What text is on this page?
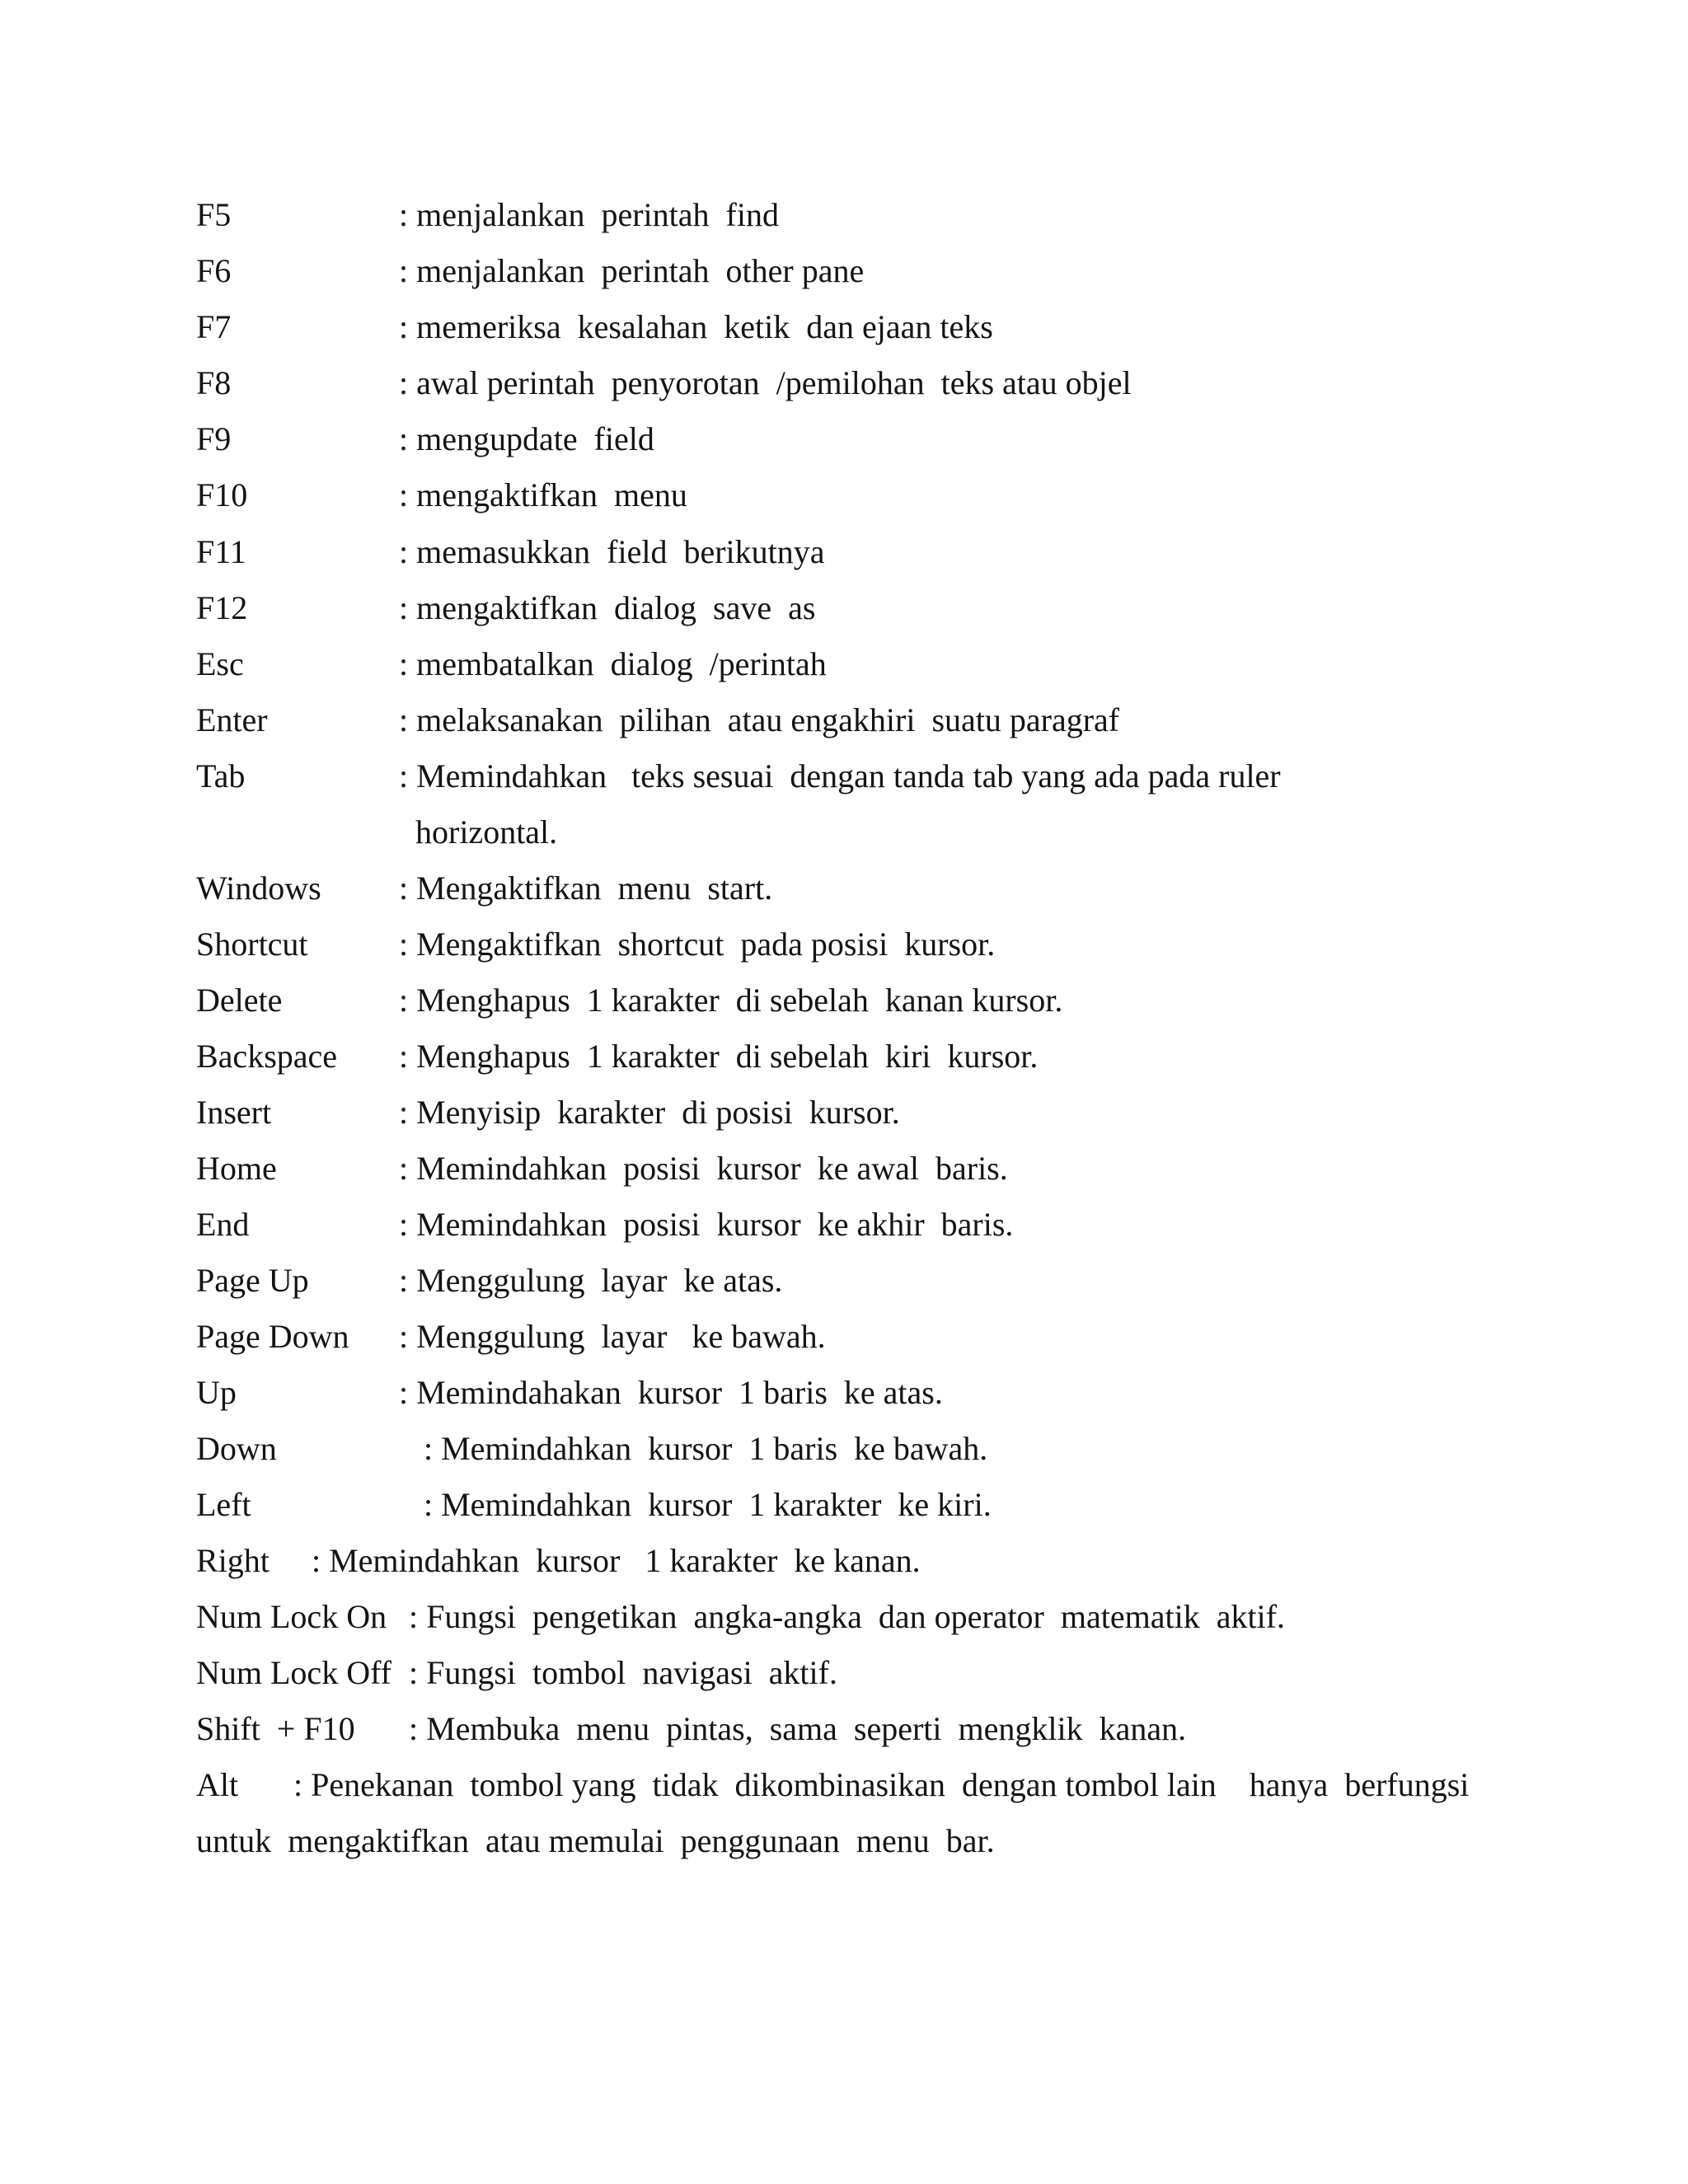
F5	: menjalankan  perintah  find
F6	: menjalankan  perintah  other pane
F7	: memeriksa  kesalahan  ketik  dan ejaan teks
F8	: awal perintah  penyorotan  /pemilohan  teks atau objel
F9	: mengupdate  field
F10	: mengaktifkan  menu
F11	: memasukkan  field  berikutnya
F12	: mengaktifkan  dialog  save  as
Esc	: membatalkan  dialog  /perintah
Enter	: melaksanakan  pilihan  atau engakhiri  suatu paragraf
Tab	: Memindahkan   teks sesuai  dengan tanda tab yang ada pada ruler
horizontal.
Windows : Mengaktifkan  menu  start.
Shortcut	: Mengaktifkan  shortcut  pada posisi  kursor.
Delete	: Menghapus  1 karakter  di sebelah  kanan kursor.
Backspace : Menghapus  1 karakter  di sebelah  kiri  kursor.
Insert	: Menyisip  karakter  di posisi  kursor.
Home	: Memindahkan  posisi  kursor  ke awal  baris.
End	: Memindahkan  posisi  kursor  ke akhir  baris.
Page Up	: Menggulung  layar  ke atas.
Page Down : Menggulung  layar   ke bawah.
Up	: Memindahakan  kursor  1 baris  ke atas.
Down	: Memindahkan  kursor  1 baris  ke bawah.
Left	: Memindahkan  kursor  1 karakter  ke kiri.
Right : Memindahkan  kursor   1 karakter  ke kanan.
Num Lock On : Fungsi  pengetikan  angka-angka  dan operator  matematik  aktif.
Num Lock Off : Fungsi  tombol  navigasi  aktif.
Shift  + F10 : Membuka  menu  pintas,  sama  seperti  mengklik  kanan.
Alt : Penekanan  tombol yang  tidak  dikombinasikan  dengan tombol lain    hanya  berfungsi
untuk  mengaktifkan  atau memulai  penggunaan  menu  bar.
